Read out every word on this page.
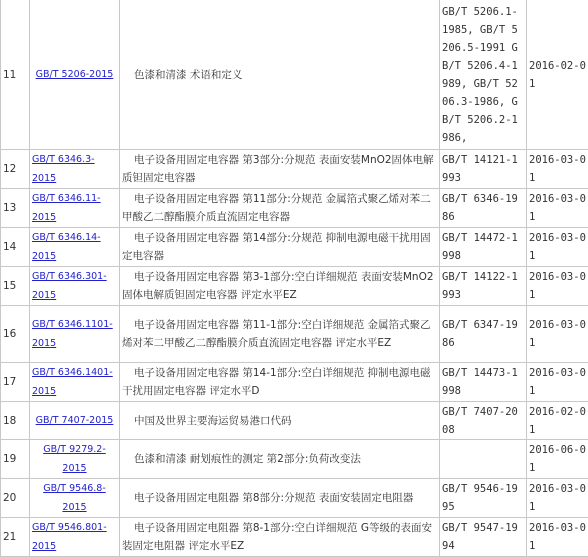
11	GB/T 5206-2015	色漆和清漆 术语和定义	GB/T 5206.1-1985, GB/T 5206.5-1991 GB/T 5206.4-1989, GB/T 5206.3-1986, GB/T 5206.2-1986,	2016-02-01
12	GB/T 6346.3-2015	电子设备用固定电容器 第3部分:分规范 表面安装MnO2固体电解质钽固定电容器	GB/T 14121-1993	2016-03-01
13	GB/T 6346.11-2015	电子设备用固定电容器 第11部分:分规范 金属箔式聚乙烯对苯二甲酸乙二醇酯膜介质直流固定电容器	GB/T 6346-1986	2016-03-01
14	GB/T 6346.14-2015	电子设备用固定电容器 第14部分:分规范 抑制电源电磁干扰用固定电容器	GB/T 14472-1998	2016-03-01
15	GB/T 6346.301-2015	电子设备用固定电容器 第3-1部分:空白详细规范 表面安装MnO2固体电解质钽固定电容器 评定水平EZ	GB/T 14122-1993	2016-03-01
16	GB/T 6346.1101-2015	电子设备用固定电容器 第11-1部分:空白详细规范 金属箔式聚乙烯对苯二甲酸乙二醇酯膜介质直流固定电容器 评定水平EZ	GB/T 6347-1986	2016-03-01
17	GB/T 6346.1401-2015	电子设备用固定电容器 第14-1部分:空白详细规范 抑制电源电磁干扰用固定电容器 评定水平D	GB/T 14473-1998	2016-03-01
18	GB/T 7407-2015	中国及世界主要海运贸易港口代码	GB/T 7407-2008	2016-02-01
19	GB/T 9279.2-2015	色漆和清漆 耐划痕性的测定 第2部分:负荷改变法		2016-06-01
20	GB/T 9546.8-2015	电子设备用固定电阻器 第8部分:分规范 表面安装固定电阻器	GB/T 9546-1995	2016-03-01
21	GB/T 9546.801-2015	电子设备用固定电阻器 第8-1部分:空白详细规范 G等级的表面安装固定电阻器 评定水平EZ	GB/T 9547-1994	2016-03-01
